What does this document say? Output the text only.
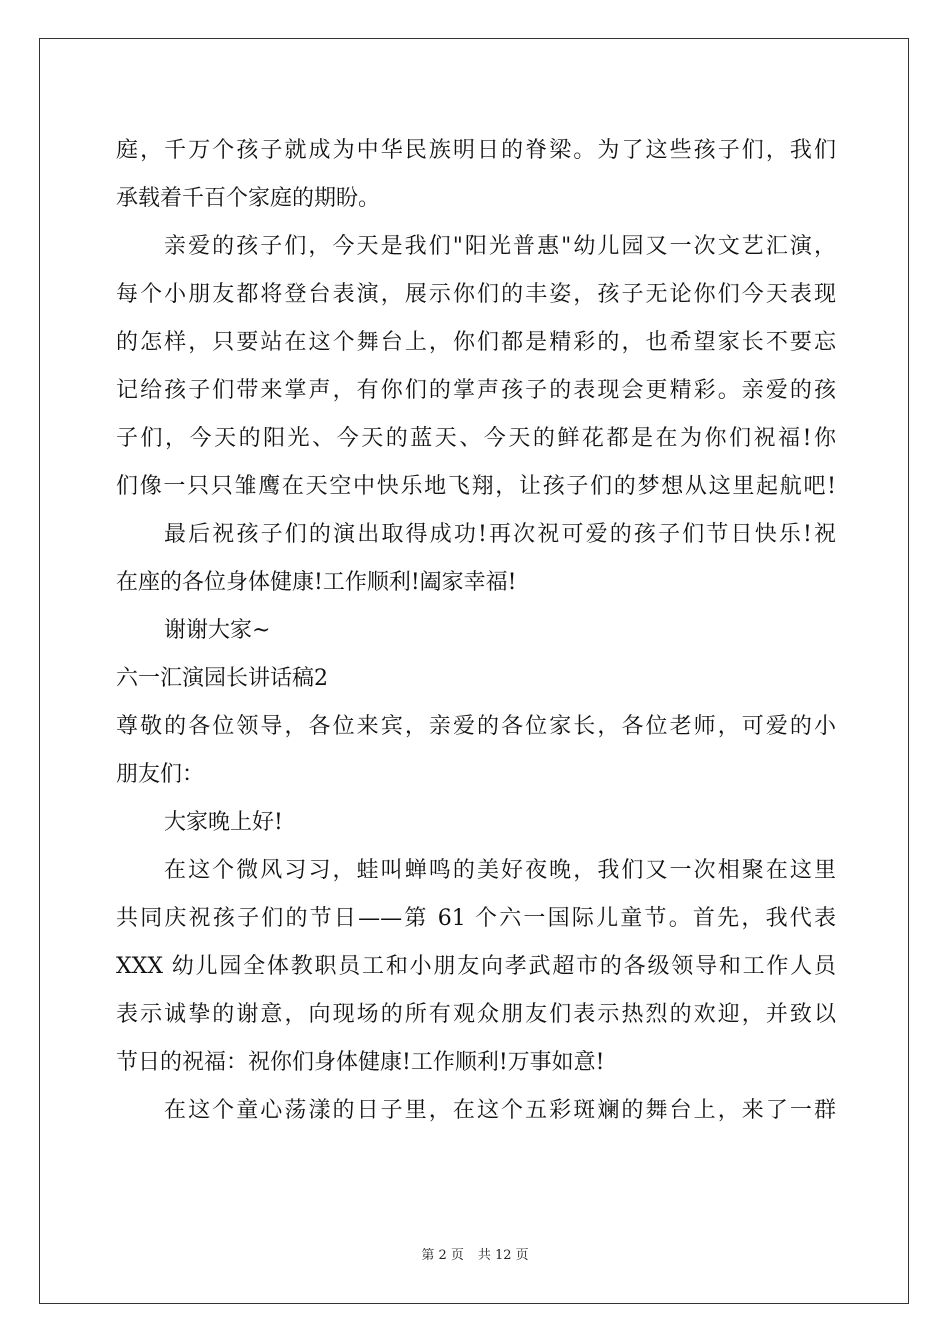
庭，千万个孩子就成为中华民族明日的脊梁。为了这些孩子们，我们
承载着千百个家庭的期盼。
亲爱的孩子们，今天是我们"阳光普惠"幼儿园又一次文艺汇演，
每个小朋友都将登台表演，展示你们的丰姿，孩子无论你们今天表现
的怎样，只要站在这个舞台上，你们都是精彩的，也希望家长不要忘
记给孩子们带来掌声，有你们的掌声孩子的表现会更精彩。亲爱的孩
子们，今天的阳光、今天的蓝天、今天的鲜花都是在为你们祝福!你
们像一只只雏鹰在天空中快乐地飞翔，让孩子们的梦想从这里起航吧!
最后祝孩子们的演出取得成功!再次祝可爱的孩子们节日快乐!祝
在座的各位身体健康!工作顺利!阖家幸福!
谢谢大家~
六一汇演园长讲话稿2
尊敬的各位领导，各位来宾，亲爱的各位家长，各位老师，可爱的小
朋友们：
大家晚上好!
在这个微风习习，蛙叫蝉鸣的美好夜晚，我们又一次相聚在这里
共同庆祝孩子们的节日——第 61 个六一国际儿童节。首先，我代表
XXX 幼儿园全体教职员工和小朋友向孝武超市的各级领导和工作人员
表示诚挚的谢意，向现场的所有观众朋友们表示热烈的欢迎，并致以
节日的祝福：祝你们身体健康!工作顺利!万事如意!
在这个童心荡漾的日子里，在这个五彩斑斓的舞台上，来了一群
第 2 页 共 12 页
